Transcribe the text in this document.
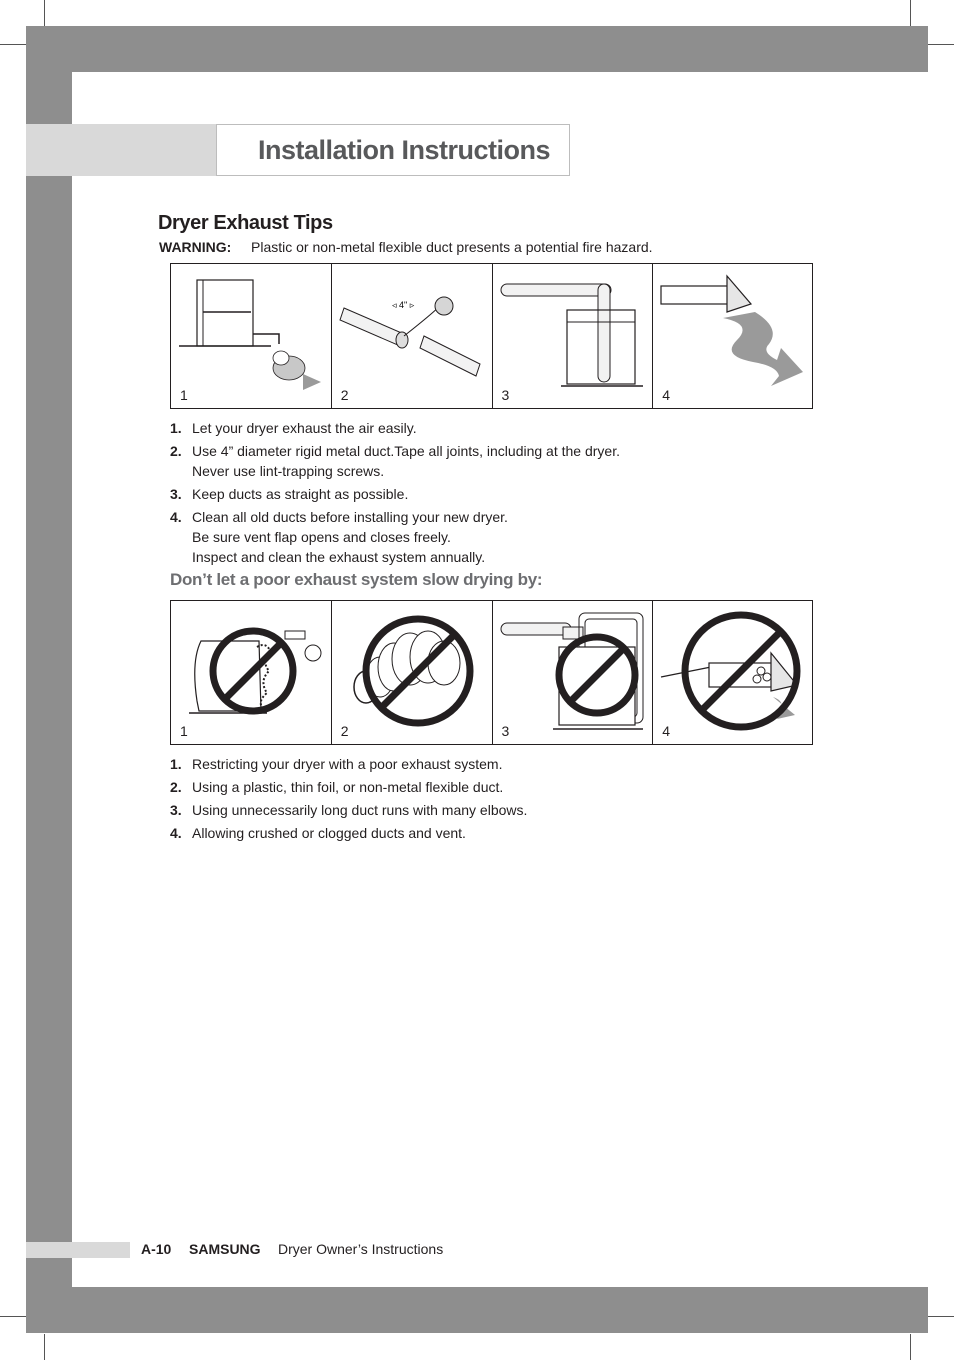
Installation Instructions
Dryer Exhaust Tips
WARNING: Plastic or non-metal flexible duct presents a potential fire hazard.
1
◃ 4" ▹
2	3	4
1. Let your dryer exhaust the air easily.
2. Use 4” diameter rigid metal duct.Tape all joints, including at the dryer.
Never use lint-trapping screws.
3. Keep ducts as straight as possible.
4. Clean all old ducts before installing your new dryer.
Be sure vent flap opens and closes freely.
Inspect and clean the exhaust system annually.
Don’t let a poor exhaust system slow drying by:
1	2	3	4
1. Restricting your dryer with a poor exhaust system.
2. Using a plastic, thin foil, or non-metal flexible duct.
3. Using unnecessarily long duct runs with many elbows.
4. Allowing crushed or clogged ducts and vent.
A-10 SAMSUNG Dryer Owner’s Instructions
